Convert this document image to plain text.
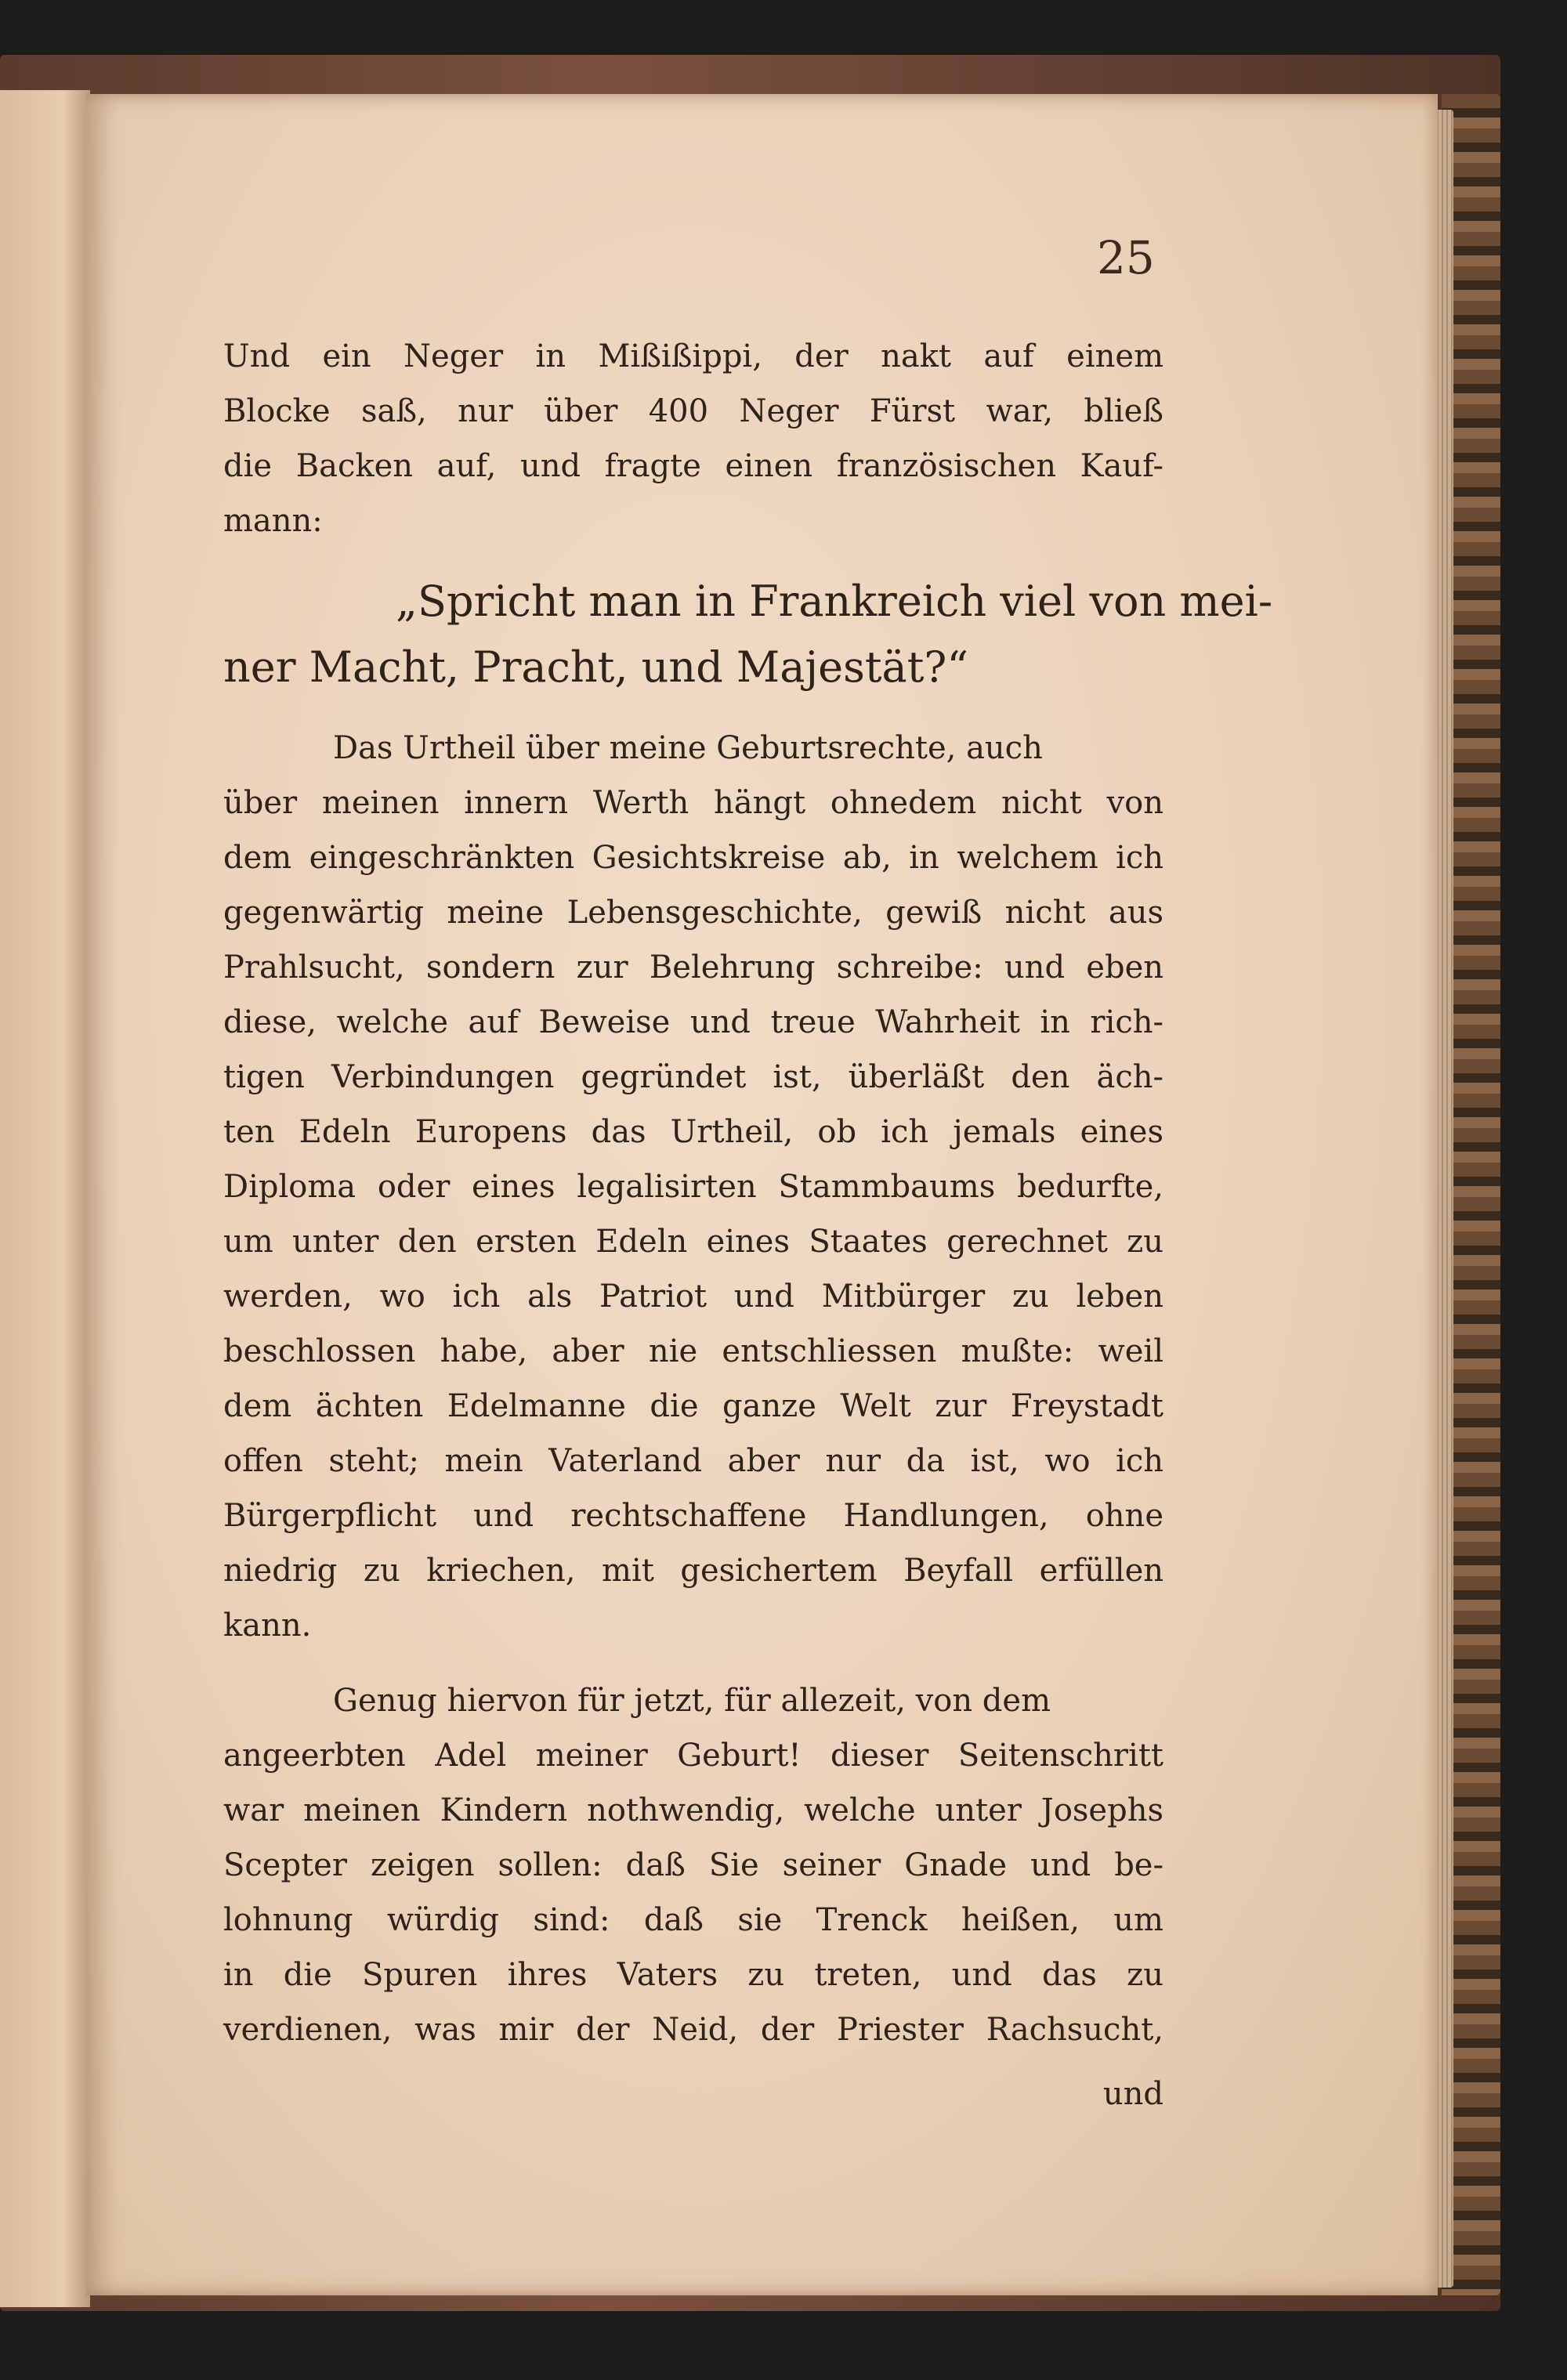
25
Und ein Neger in Mißißippi, der nakt auf einem
Blocke saß, nur über 400 Neger Fürst war, bließ
die Backen auf, und fragte einen französischen Kauf-
mann:
„Spricht man in Frankreich viel von mei-
ner Macht, Pracht, und Majestät?“
Das Urtheil über meine Geburtsrechte, auch
über meinen innern Werth hängt ohnedem nicht von
dem eingeschränkten Gesichtskreise ab, in welchem ich
gegenwärtig meine Lebensgeschichte, gewiß nicht aus
Prahlsucht, sondern zur Belehrung schreibe: und eben
diese, welche auf Beweise und treue Wahrheit in rich-
tigen Verbindungen gegründet ist, überläßt den äch-
ten Edeln Europens das Urtheil, ob ich jemals eines
Diploma oder eines legalisirten Stammbaums bedurfte,
um unter den ersten Edeln eines Staates gerechnet zu
werden, wo ich als Patriot und Mitbürger zu leben
beschlossen habe, aber nie entschliessen mußte: weil
dem ächten Edelmanne die ganze Welt zur Freystadt
offen steht; mein Vaterland aber nur da ist, wo ich
Bürgerpflicht und rechtschaffene Handlungen, ohne
niedrig zu kriechen, mit gesichertem Beyfall erfüllen
kann.
Genug hiervon für jetzt, für allezeit, von dem
angeerbten Adel meiner Geburt! dieser Seitenschritt
war meinen Kindern nothwendig, welche unter Josephs
Scepter zeigen sollen: daß Sie seiner Gnade und be-
lohnung würdig sind: daß sie Trenck heißen, um
in die Spuren ihres Vaters zu treten, und das zu
verdienen, was mir der Neid, der Priester Rachsucht,
und
